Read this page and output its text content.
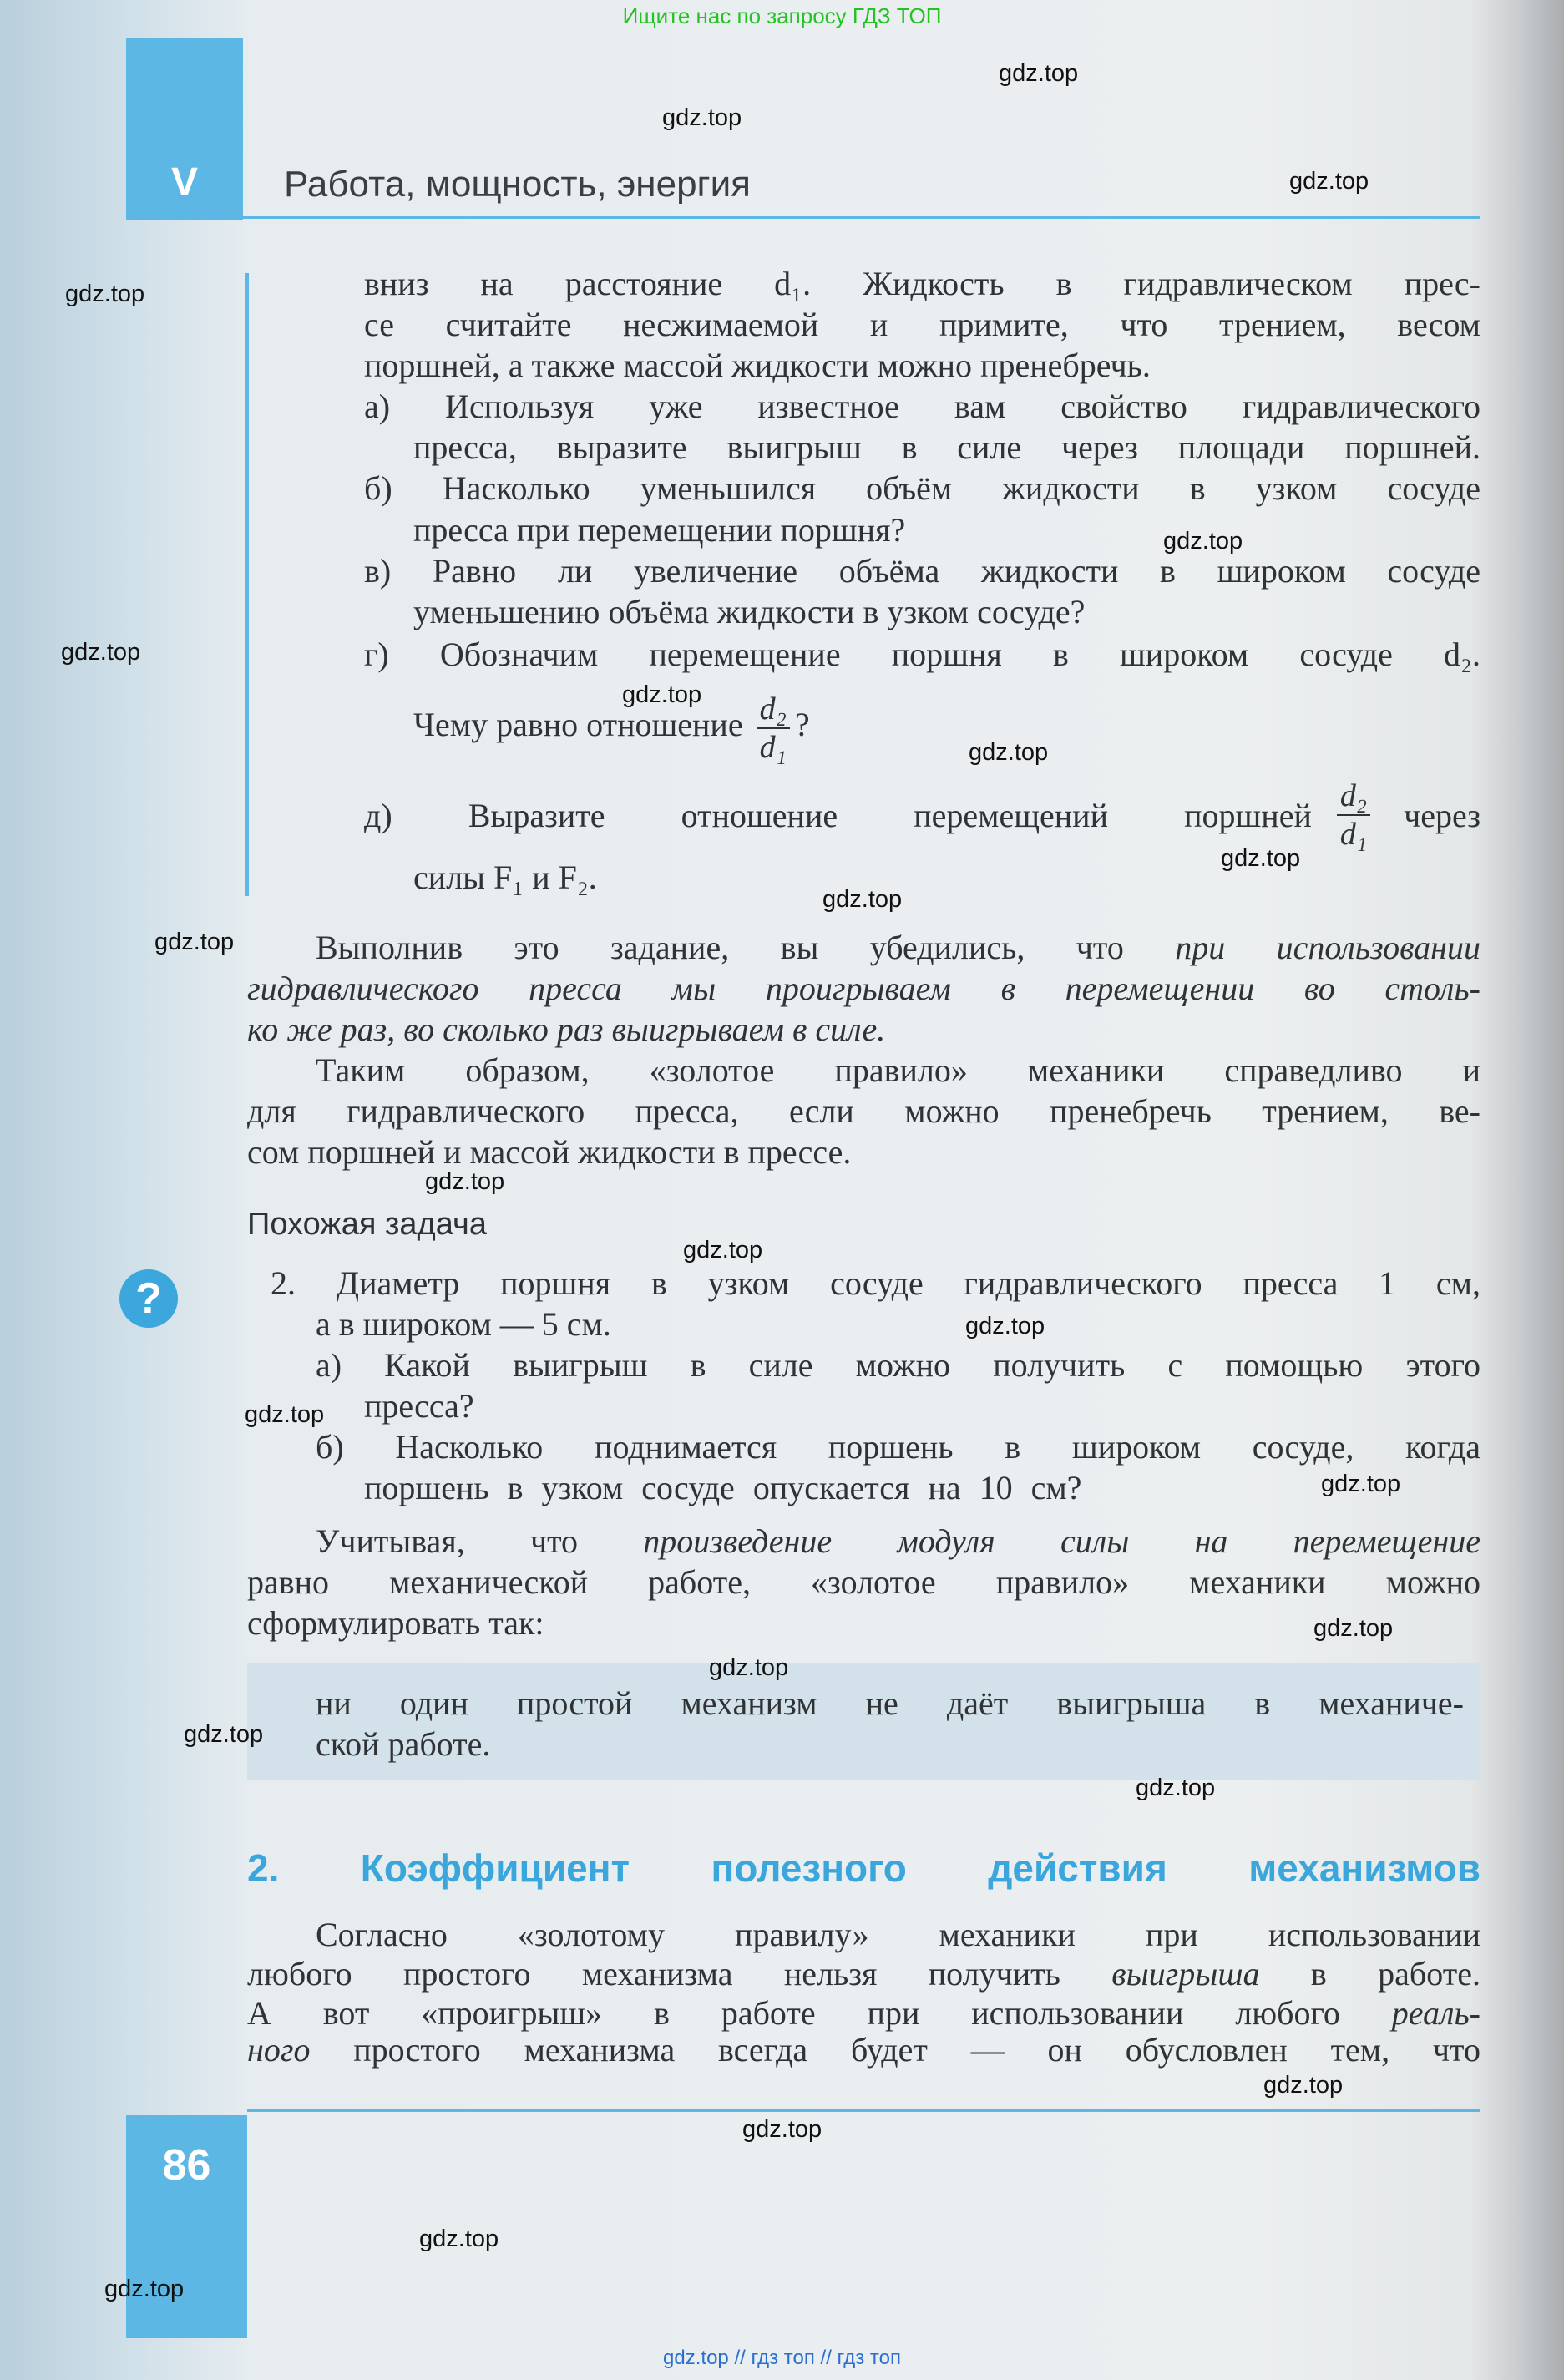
Ищите нас по запросу ГДЗ ТОП
V	Работа, мощность, энергия
вниз на расстояние d₁. Жидкость в гидравлическом прес-
се считайте несжимаемой и примите, что трением, весом
поршней, а также массой жидкости можно пренебречь.
а) Используя уже известное вам свойство гидравлического
пресса, выразите выигрыш в силе через площади поршней.
б) Насколько уменьшился объём жидкости в узком сосуде
пресса при перемещении поршня?
в) Равно ли увеличение объёма жидкости в широком сосуде
уменьшению объёма жидкости в узком сосуде?
г) Обозначим перемещение поршня в широком сосуде d₂.
Чему равно отношение $\frac{\text{d₂}}{\text{d₁}}$ ?
д) Выразите отношение перемещений поршней $\frac{\text{d₂}}{\text{d₁}}$ через
силы F₁ и F₂.
Выполнив это задание, вы убедились, что при использовании
гидравлического пресса мы проигрываем в перемещении во столь-
ко же раз, во сколько раз выигрываем в силе.
Таким образом, «золотое правило» механики справедливо и
для гидравлического пресса, если можно пренебречь трением, ве-
сом поршней и массой жидкости в прессе.
Похожая задача
?	2. Диаметр поршня в узком сосуде гидравлического пресса 1 см,
а в широком — 5 см.
а) Какой выигрыш в силе можно получить с помощью этого
пресса?
б) Насколько поднимается поршень в широком сосуде, когда
поршень в узком сосуде опускается на 10 см?
Учитывая, что произведение модуля силы на перемещение
равно механической работе, «золотое правило» механики можно
сформулировать так:
ни один простой механизм не даёт выигрыша в механиче-
ской работе.
2. Коэффициент полезного действия механизмов
Согласно «золотому правилу» механики при использовании
любого простого механизма нельзя получить выигрыша в работе.
А вот «проигрыш» в работе при использовании любого реаль-
ного простого механизма всегда будет — он обусловлен тем, что
86
gdz.top
gdz.top
gdz.top
gdz.top
gdz.top
gdz.top
gdz.top
gdz.top
gdz.top
gdz.top
gdz.top
gdz.top
gdz.top
gdz.top
gdz.top
gdz.top
gdz.top
gdz.top
gdz.top
gdz.top
gdz.top
gdz.top
gdz.top
gdz.top
gdz.top // гдз топ // гдз топ
